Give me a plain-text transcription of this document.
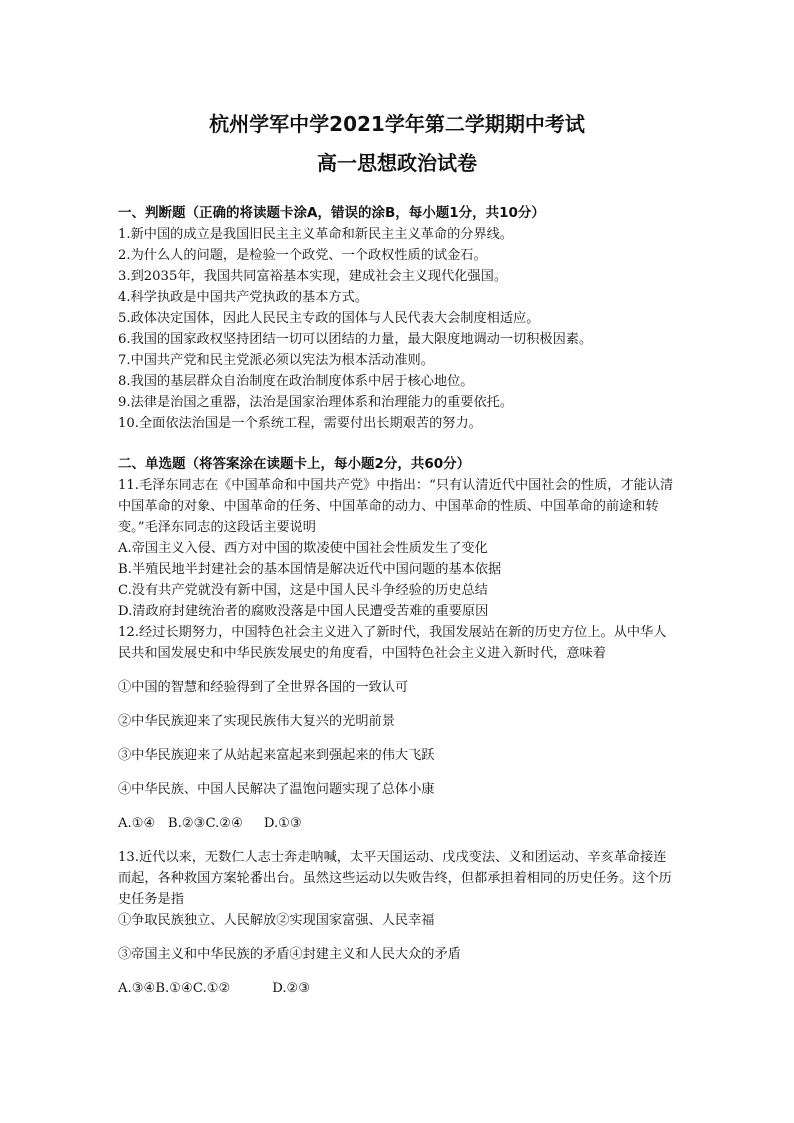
杭州学军中学2021学年第二学期期中考试
高一思想政治试卷
一、判断题（正确的将读题卡涂A，错误的涂B，每小题1分，共10分）
1.新中国的成立是我国旧民主主义革命和新民主主义革命的分界线。
2.为什么人的问题，是检验一个政党、一个政权性质的试金石。
3.到2035年，我国共同富裕基本实现，建成社会主义现代化强国。
4.科学执政是中国共产党执政的基本方式。
5.政体决定国体，因此人民民主专政的国体与人民代表大会制度相适应。
6.我国的国家政权坚持团结一切可以团结的力量，最大限度地调动一切积极因素。
7.中国共产党和民主党派必须以宪法为根本活动准则。
8.我国的基层群众自治制度在政治制度体系中居于核心地位。
9.法律是治国之重器，法治是国家治理体系和治理能力的重要依托。
10.全面依法治国是一个系统工程，需要付出长期艰苦的努力。
二、单选题（将答案涂在读题卡上，每小题2分，共60分）
11.毛泽东同志在《中国革命和中国共产党》中指出：“只有认清近代中国社会的性质，才能认清中国革命的对象、中国革命的任务、中国革命的动力、中国革命的性质、中国革命的前途和转变。”毛泽东同志的这段话主要说明
A.帝国主义入侵、西方对中国的欺凌使中国社会性质发生了变化
B.半殖民地半封建社会的基本国情是解决近代中国问题的基本依据
C.没有共产党就没有新中国，这是中国人民斗争经验的历史总结
D.清政府封建统治者的腐败没落是中国人民遭受苦难的重要原因
12.经过长期努力，中国特色社会主义进入了新时代，我国发展站在新的历史方位上。从中华人民共和国发展史和中华民族发展史的角度看，中国特色社会主义进入新时代，意味着
①中国的智慧和经验得到了全世界各国的一致认可
②中华民族迎来了实现民族伟大复兴的光明前景
③中华民族迎来了从站起来富起来到强起来的伟大飞跃
④中华民族、中国人民解决了温饱问题实现了总体小康
A.①④   B.②③C.②④     D.①③
13.近代以来，无数仁人志士奔走呐喊，太平天国运动、戊戌变法、义和团运动、辛亥革命接连而起，各种救国方案轮番出台。虽然这些运动以失败告终，但都承担着相同的历史任务。这个历史任务是指
①争取民族独立、人民解放②实现国家富强、人民幸福
③帝国主义和中华民族的矛盾④封建主义和人民大众的矛盾
A.③④B.①④C.①②          D.②③
